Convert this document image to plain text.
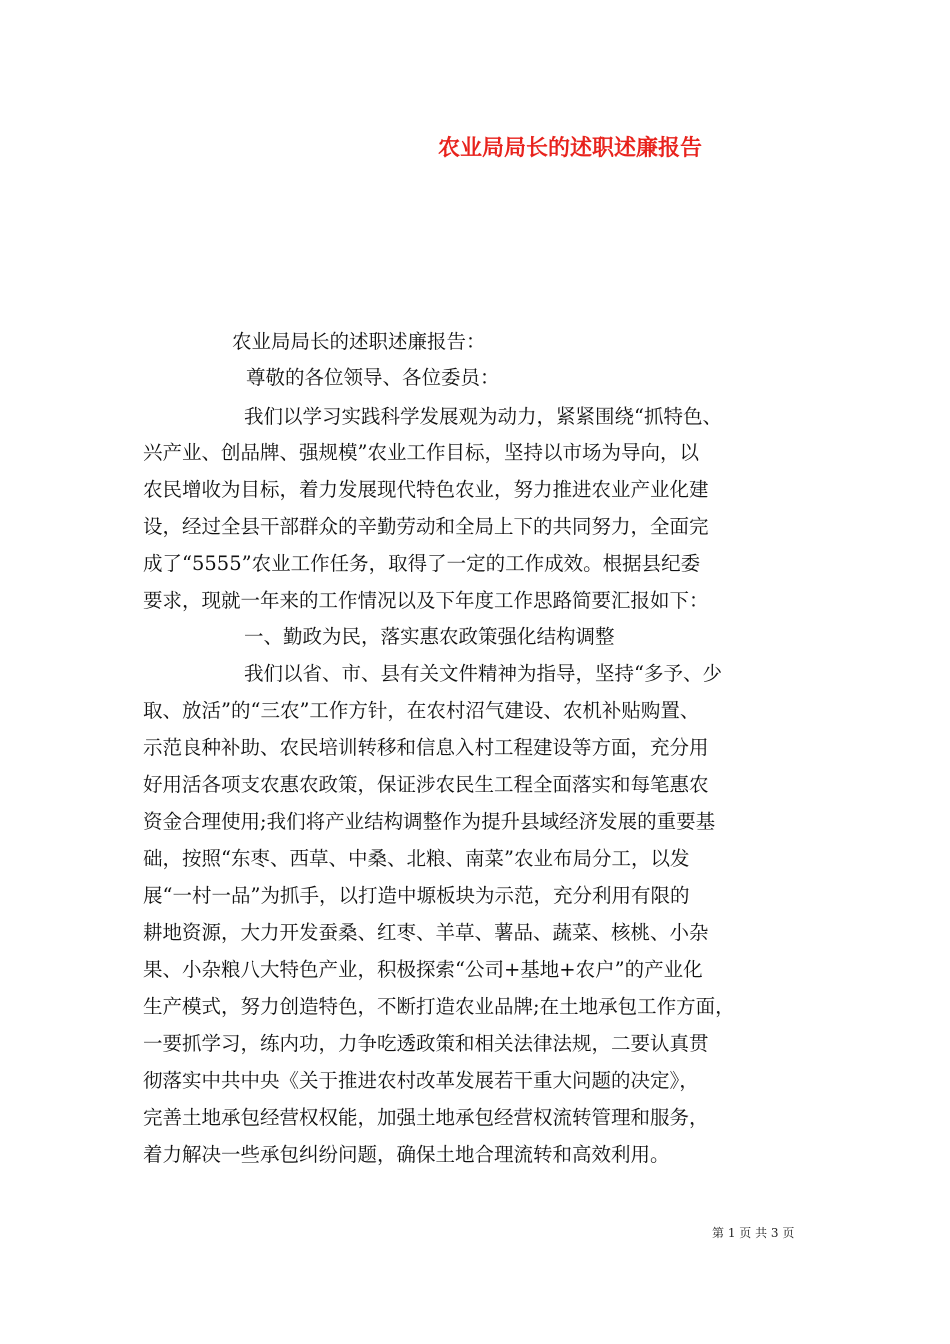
农业局局长的述职述廉报告
农业局局长的述职述廉报告：
尊敬的各位领导、各位委员：
我们以学习实践科学发展观为动力，紧紧围绕“抓特色、
兴产业、创品牌、强规模”农业工作目标，坚持以市场为导向，以
农民增收为目标，着力发展现代特色农业，努力推进农业产业化建
设，经过全县干部群众的辛勤劳动和全局上下的共同努力，全面完
成了“5555”农业工作任务，取得了一定的工作成效。根据县纪委
要求，现就一年来的工作情况以及下年度工作思路简要汇报如下：
一、勤政为民，落实惠农政策强化结构调整
我们以省、市、县有关文件精神为指导，坚持“多予、少
取、放活”的“三农”工作方针，在农村沼气建设、农机补贴购置、
示范良种补助、农民培训转移和信息入村工程建设等方面，充分用
好用活各项支农惠农政策，保证涉农民生工程全面落实和每笔惠农
资金合理使用;我们将产业结构调整作为提升县域经济发展的重要基
础，按照“东枣、西草、中桑、北粮、南菜”农业布局分工，以发
展“一村一品”为抓手，以打造中塬板块为示范，充分利用有限的
耕地资源，大力开发蚕桑、红枣、羊草、薯品、蔬菜、核桃、小杂
果、小杂粮八大特色产业，积极探索“公司+基地+农户”的产业化
生产模式，努力创造特色，不断打造农业品牌;在土地承包工作方面，
一要抓学习，练内功，力争吃透政策和相关法律法规，二要认真贯
彻落实中共中央《关于推进农村改革发展若干重大问题的决定》，
完善土地承包经营权权能，加强土地承包经营权流转管理和服务，
着力解决一些承包纠纷问题，确保土地合理流转和高效利用。
第 1 页 共 3 页
